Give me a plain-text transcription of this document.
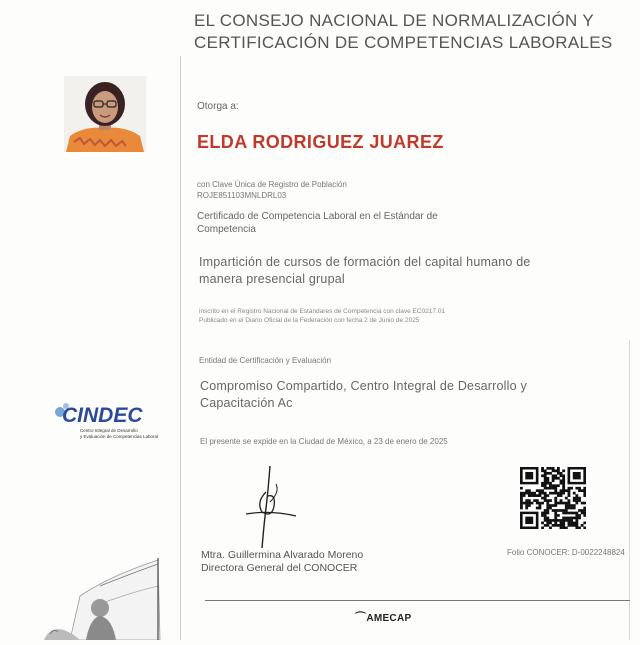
EL CONSEJO NACIONAL DE NORMALIZACIÓN Y
CERTIFICACIÓN DE COMPETENCIAS LABORALES
Otorga a:
ELDA RODRIGUEZ JUAREZ
con Clave Única de Registro de Población
ROJE851103MNLDRL03
Certificado de Competencia Laboral en el Estándar de
Competencia
Impartición de cursos de formación del capital humano de
manera presencial grupal
inscrito en el Registro Nacional de Estándares de Competencia con clave EC0217.01
Publicado en el Diario Oficial de la Federación con fecha 2 de Junio de 2025
Entidad de Certificación y Evaluación
Compromiso Compartido, Centro Integral de Desarrollo y
Capacitación Ac
El presente se expide en la Ciudad de México, a 23 de enero de 2025
CINDEC
Centro Integral de Desarrollo
y Evaluación de Competencias Laboral
Mtra. Guillermina Alvarado Moreno
Directora General del CONOCER
Folio CONOCER: D-0022248824
⌒AMECAP
